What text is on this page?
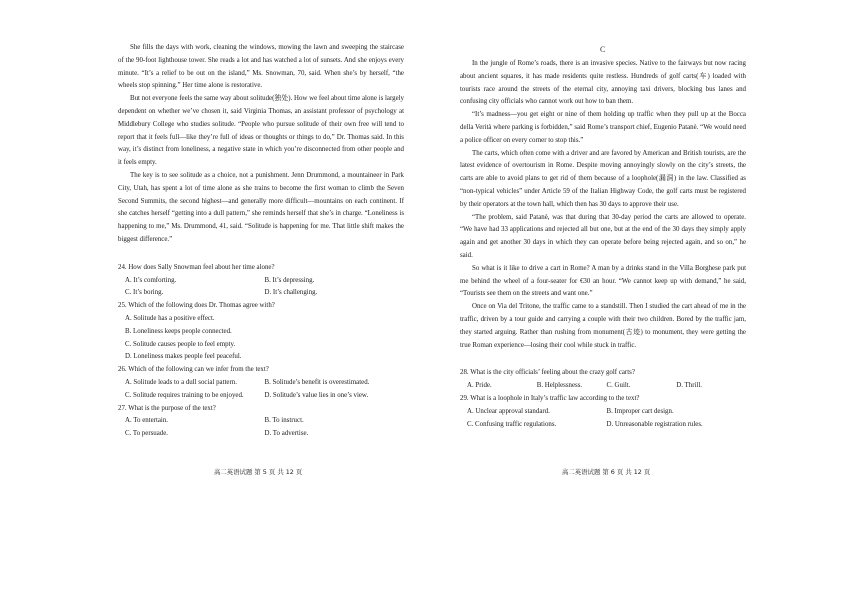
She fills the days with work, cleaning the windows, mowing the lawn and sweeping the staircase of the 90-foot lighthouse tower. She reads a lot and has watched a lot of sunsets. And she enjoys every minute. “It’s a relief to be out on the island,” Ms. Snowman, 70, said. When she’s by herself, “the wheels stop spinning.” Her time alone is restorative.

But not everyone feels the same way about solitude(独处). How we feel about time alone is largely dependent on whether we’ve chosen it, said Virginia Thomas, an assistant professor of psychology at Middlebury College who studies solitude. “People who pursue solitude of their own free will tend to report that it feels full—like they’re full of ideas or thoughts or things to do,” Dr. Thomas said. In this way, it’s distinct from loneliness, a negative state in which you’re disconnected from other people and it feels empty.

The key is to see solitude as a choice, not a punishment. Jenn Drummond, a mountaineer in Park City, Utah, has spent a lot of time alone as she trains to become the first woman to climb the Seven Second Summits, the second highest—and generally more difficult—mountains on each continent. If she catches herself “getting into a dull pattern,” she reminds herself that she’s in charge. “Loneliness is happening to me,” Ms. Drummond, 41, said. “Solitude is happening for me. That little shift makes the biggest difference.”

24. How does Sally Snowman feel about her time alone?
A. It’s comforting.	B. It’s depressing.
C. It’s boring.	D. It’s challenging.
25. Which of the following does Dr. Thomas agree with?
A. Solitude has a positive effect.
B. Loneliness keeps people connected.
C. Solitude causes people to feel empty.
D. Loneliness makes people feel peaceful.
26. Which of the following can we infer from the text?
A. Solitude leads to a dull social pattern.	B. Solitude’s benefit is overestimated.
C. Solitude requires training to be enjoyed.	D. Solitude’s value lies in one’s view.
27. What is the purpose of the text?
A. To entertain.	B. To instruct.
C. To persuade.	D. To advertise.
高二英语试题 第 5 页 共 12 页
C

In the jungle of Rome’s roads, there is an invasive species. Native to the fairways but now racing about ancient squares, it has made residents quite restless. Hundreds of golf carts(车) loaded with tourists race around the streets of the eternal city, annoying taxi drivers, blocking bus lanes and confusing city officials who cannot work out how to ban them.

“It’s madness—you get eight or nine of them holding up traffic when they pull up at the Bocca della Verità where parking is forbidden,” said Rome’s transport chief, Eugenio Patanè. “We would need a police officer on every corner to stop this.”

The carts, which often come with a driver and are favored by American and British tourists, are the latest evidence of overtourism in Rome. Despite moving annoyingly slowly on the city’s streets, the carts are able to avoid plans to get rid of them because of a loophole(漏洞) in the law. Classified as “non-typical vehicles” under Article 59 of the Italian Highway Code, the golf carts must be registered by their operators at the town hall, which then has 30 days to approve their use.

“The problem, said Patanè, was that during that 30-day period the carts are allowed to operate. “We have had 33 applications and rejected all but one, but at the end of the 30 days they simply apply again and get another 30 days in which they can operate before being rejected again, and so on,” he said.

So what is it like to drive a cart in Rome? A man by a drinks stand in the Villa Borghese park put me behind the wheel of a four-seater for €30 an hour. “We cannot keep up with demand,” he said, “Tourists see them on the streets and want one.”

Once on Via del Tritone, the traffic came to a standstill. Then I studied the cart ahead of me in the traffic, driven by a tour guide and carrying a couple with their two children. Bored by the traffic jam, they started arguing. Rather than rushing from monument(古迹) to monument, they were getting the true Roman experience—losing their cool while stuck in traffic.

28. What is the city officials’ feeling about the crazy golf carts?
A. Pride.	B. Helplessness.	C. Guilt.	D. Thrill.
29. What is a loophole in Italy’s traffic law according to the text?
A. Unclear approval standard.	B. Improper cart design.
C. Confusing traffic regulations.	D. Unreasonable registration rules.
高二英语试题 第 6 页 共 12 页
